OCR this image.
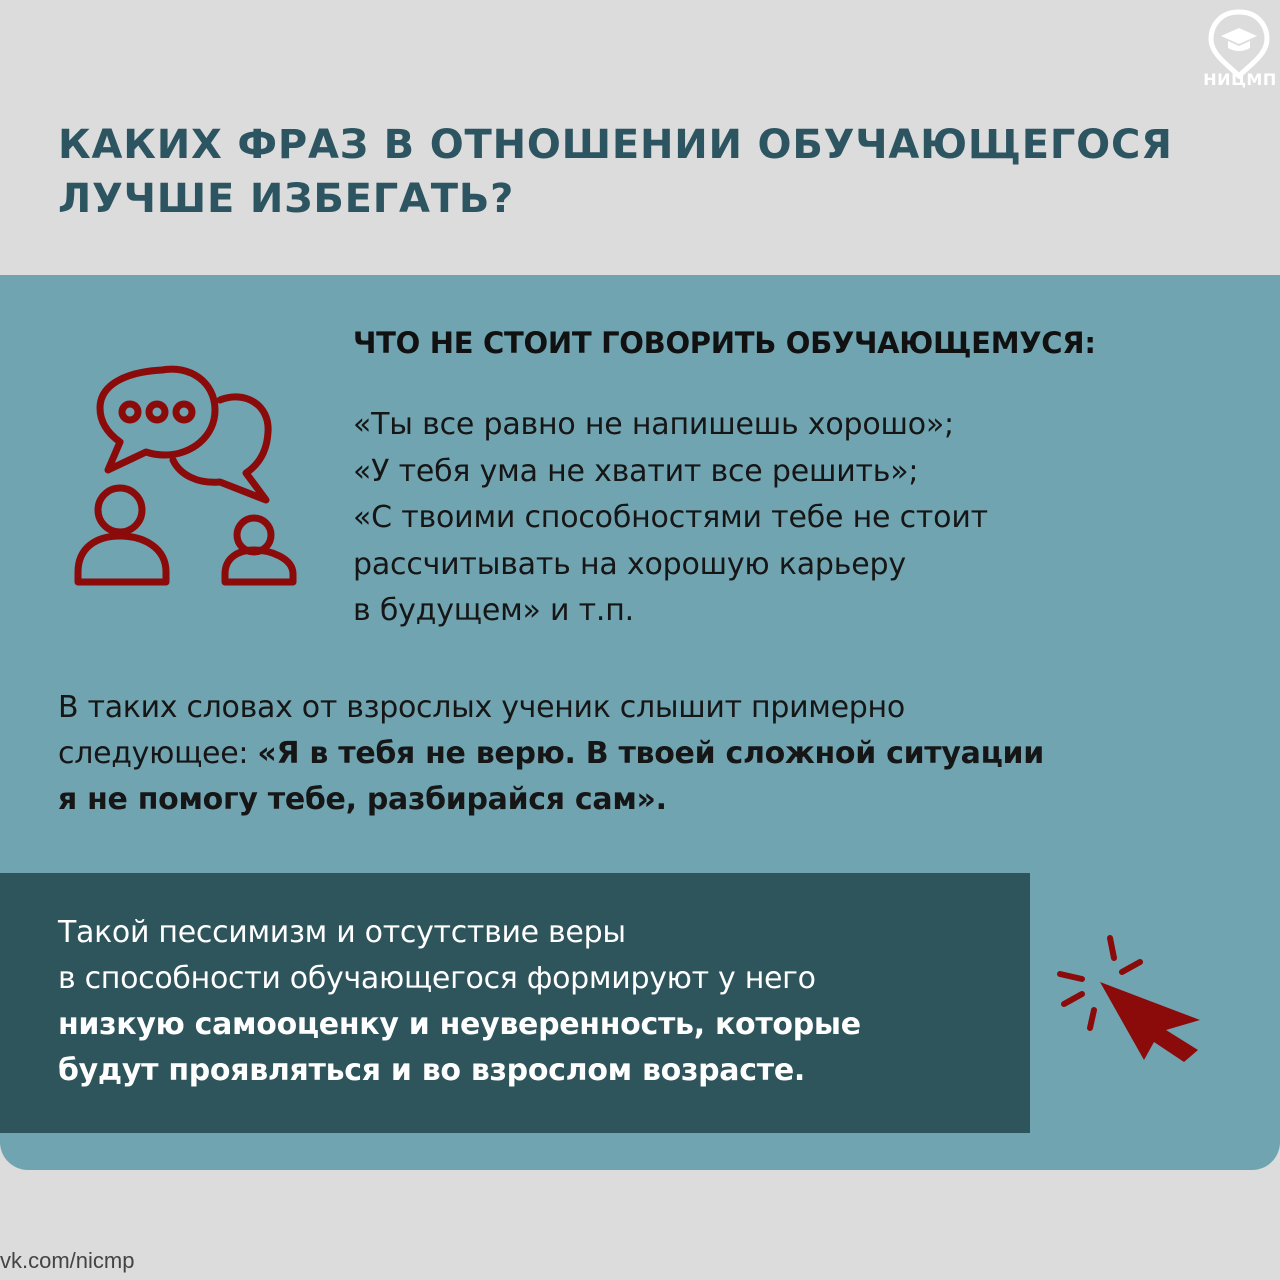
НИЦМП
КАКИХ ФРАЗ В ОТНОШЕНИИ ОБУЧАЮЩЕГОСЯ
ЛУЧШЕ ИЗБЕГАТЬ?
ЧТО НЕ СТОИТ ГОВОРИТЬ ОБУЧАЮЩЕМУСЯ:

«Ты все равно не напишешь хорошо»;
«У тебя ума не хватит все решить»;
«С твоими способностями тебе не стоит
рассчитывать на хорошую карьеру
в будущем» и т.п.

В таких словах от взрослых ученик слышит примерно
следующее: «Я в тебя не верю. В твоей сложной ситуации
я не помогу тебе, разбирайся сам».

Такой пессимизм и отсутствие веры
в способности обучающегося формируют у него
низкую самооценку и неуверенность, которые
будут проявляться и во взрослом возрасте.

vk.com/nicmp
